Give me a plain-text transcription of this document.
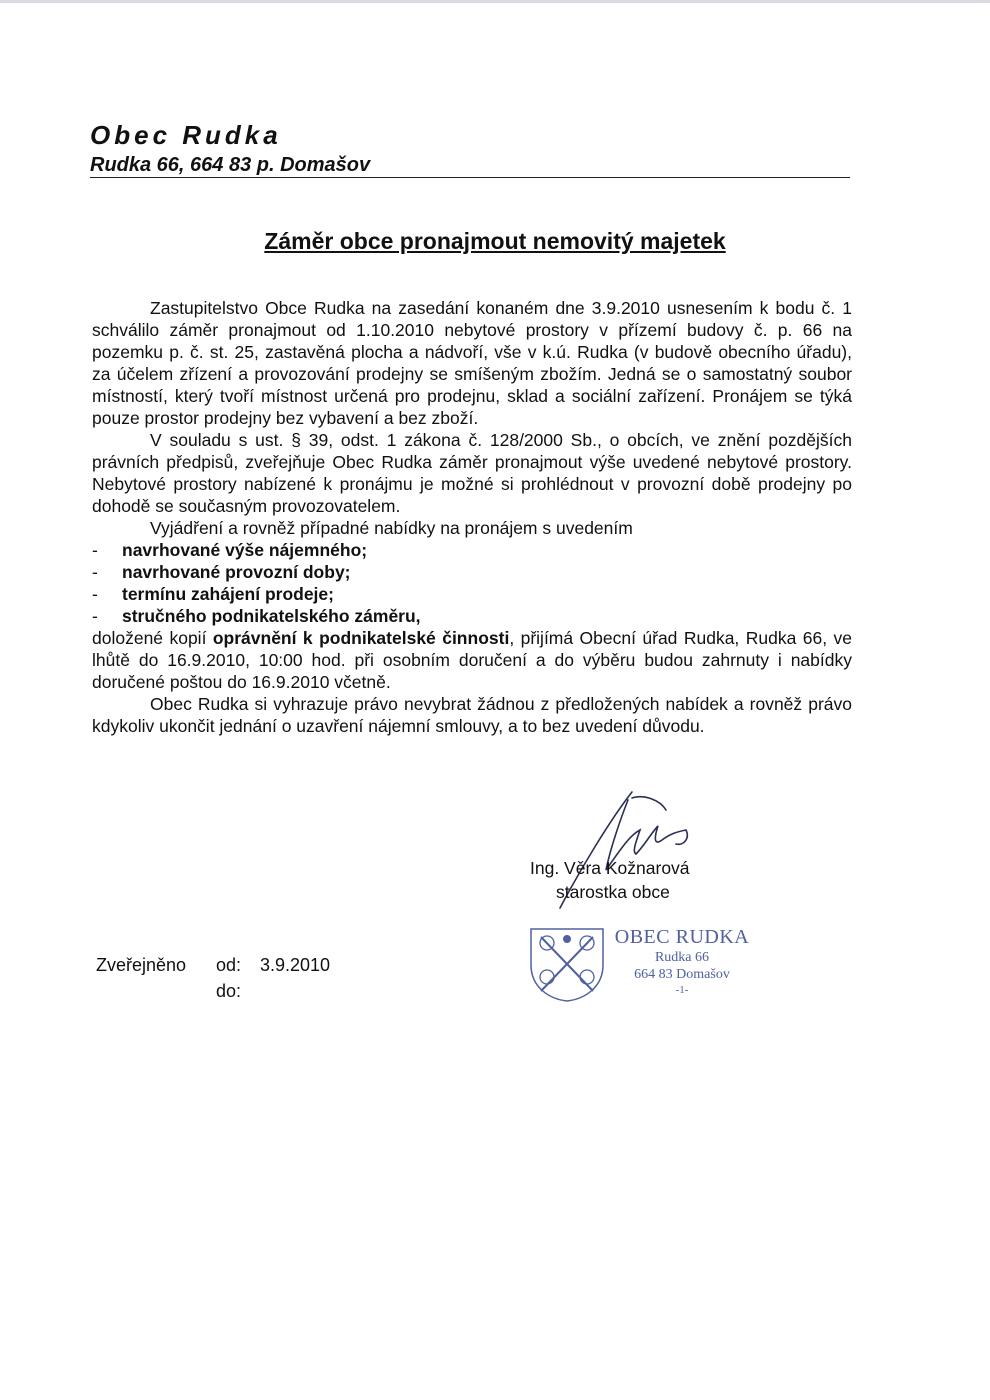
Obec Rudka
Rudka 66, 664 83 p. Domašov
Záměr obce pronajmout nemovitý majetek

Zastupitelstvo Obce Rudka na zasedání konaném dne 3.9.2010 usnesením k bodu č. 1 schválilo záměr pronajmout od 1.10.2010 nebytové prostory v přízemí budovy č. p. 66 na pozemku p. č. st. 25, zastavěná plocha a nádvoří, vše v k.ú. Rudka (v budově obecního úřadu), za účelem zřízení a provozování prodejny se smíšeným zbožím. Jedná se o samostatný soubor místností, který tvoří místnost určená pro prodejnu, sklad a sociální zařízení. Pronájem se týká pouze prostor prodejny bez vybavení a bez zboží.

V souladu s ust. § 39, odst. 1 zákona č. 128/2000 Sb., o obcích, ve znění pozdějších právních předpisů, zveřejňuje Obec Rudka záměr pronajmout výše uvedené nebytové prostory. Nebytové prostory nabízené k pronájmu je možné si prohlédnout v provozní době prodejny po dohodě se současným provozovatelem.

Vyjádření a rovněž případné nabídky na pronájem s uvedením

- navrhované výše nájemného;
- navrhované provozní doby;
- termínu zahájení prodeje;
- stručného podnikatelského záměru,

doložené kopií oprávnění k podnikatelské činnosti, přijímá Obecní úřad Rudka, Rudka 66, ve lhůtě do 16.9.2010, 10:00 hod. při osobním doručení a do výběru budou zahrnuty i nabídky doručené poštou do 16.9.2010 včetně.

Obec Rudka si vyhrazuje právo nevybrat žádnou z předložených nabídek a rovněž právo kdykoliv ukončit jednání o uzavření nájemní smlouvy, a to bez uvedení důvodu.

Ing. Věra Kožnarová
starostka obce
Zveřejněno	od:	3.9.2010
do:
OBEC RUDKA
Rudka 66
664 83 Domašov
-1-
